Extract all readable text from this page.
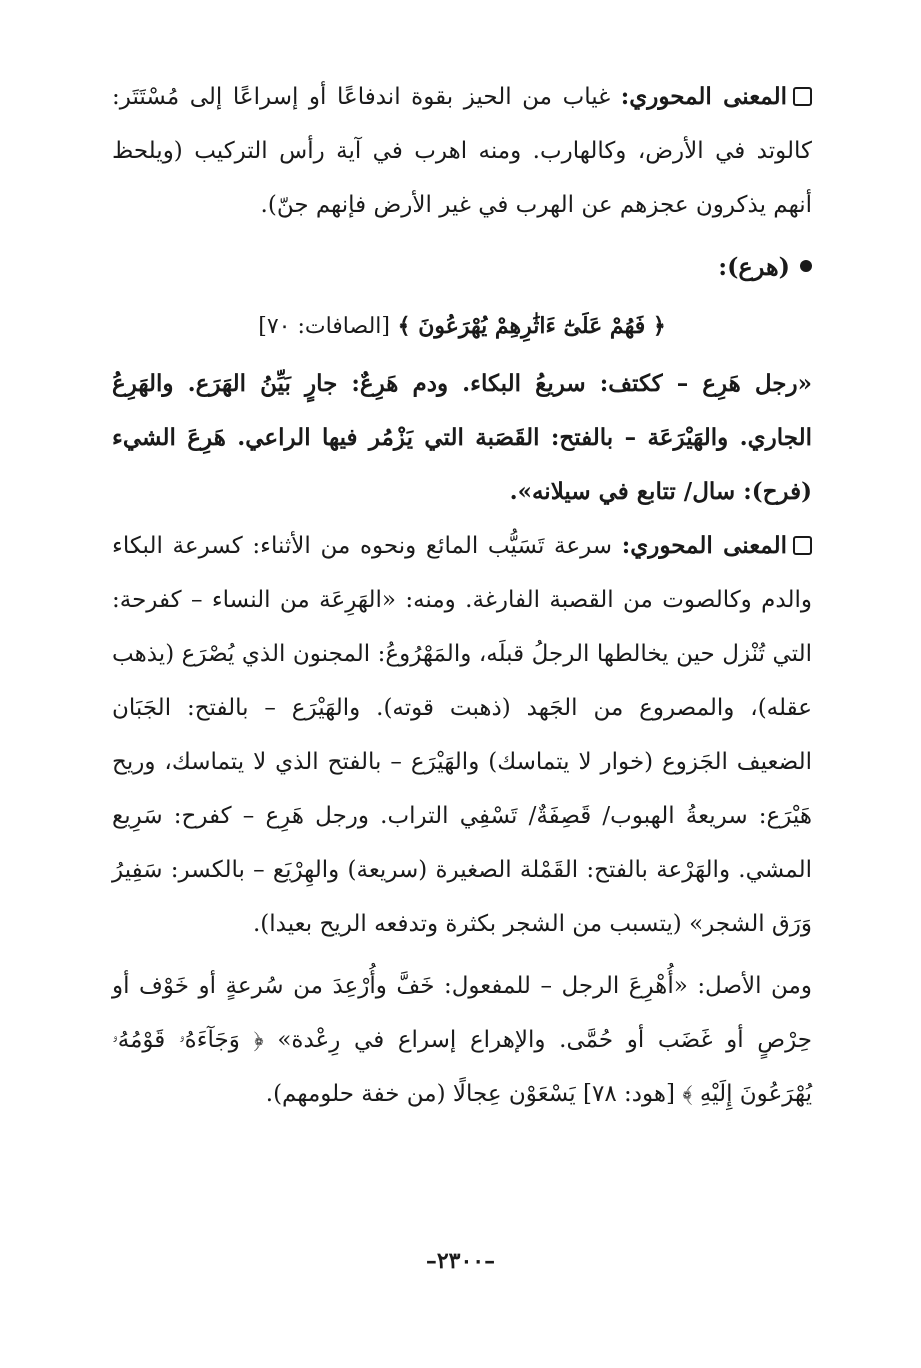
المعنى المحوري: غياب من الحيز بقوة اندفاعًا أو إسراعًا إلى مُسْتَتَر: كالوتد في الأرض، وكالهارب. ومنه اهرب في آية رأس التركيب (ويلحظ أنهم يذكرون عجزهم عن الهرب في غير الأرض فإنهم جنّ).

(هرع):
﴿ فَهُمْ عَلَىٰٓ ءَاثَٰرِهِمْ يُهْرَعُونَ ﴾ [الصافات: ٧٠]

«رجل هَرِع – ككتف: سريعُ البكاء. ودم هَرِعٌ: جارٍ بَيِّنُ الهَرَع. والهَرِعُ الجاري. والهَيْرَعَة – بالفتح: القَصَبة التي يَزْمُر فيها الراعي. هَرِعَ الشيء (فرح): سال/ تتابع في سيلانه».

المعنى المحوري: سرعة تَسَيُّب المائع ونحوه من الأثناء: كسرعة البكاء والدم وكالصوت من القصبة الفارغة. ومنه: «الهَرِعَة من النساء – كفرحة: التي تُنْزل حين يخالطها الرجلُ قبلَه، والمَهْرُوعُ: المجنون الذي يُصْرَع (يذهب عقله)، والمصروع من الجَهد (ذهبت قوته). والهَيْرَع – بالفتح: الجَبَان الضعيف الجَزوع (خوار لا يتماسك) والهَيْرَع – بالفتح الذي لا يتماسك، وريح هَيْرَع: سريعةُ الهبوب/ قَصِفَةٌ/ تَسْفِي التراب. ورجل هَرِع – كفرح: سَرِيع المشي. والهَرْعة بالفتح: القَمْلة الصغيرة (سريعة) والهِرْيَع – بالكسر: سَفِيرُ وَرَق الشجر» (يتسبب من الشجر بكثرة وتدفعه الريح بعيدا).

ومن الأصل: «أُهْرِعَ الرجل – للمفعول: خَفَّ وأُرْعِدَ من سُرعةٍ أو خَوْف أو حِرْصٍ أو غَضَب أو حُمَّى. والإهراع إسراع في رِعْدة» ﴿ وَجَآءَهُۥ قَوْمُهُۥ يُهْرَعُونَ إِلَيْهِ ﴾ [هود: ٧٨] يَسْعَوْن عِجالًا (من خفة حلومهم).

–٢٣٠٠–
